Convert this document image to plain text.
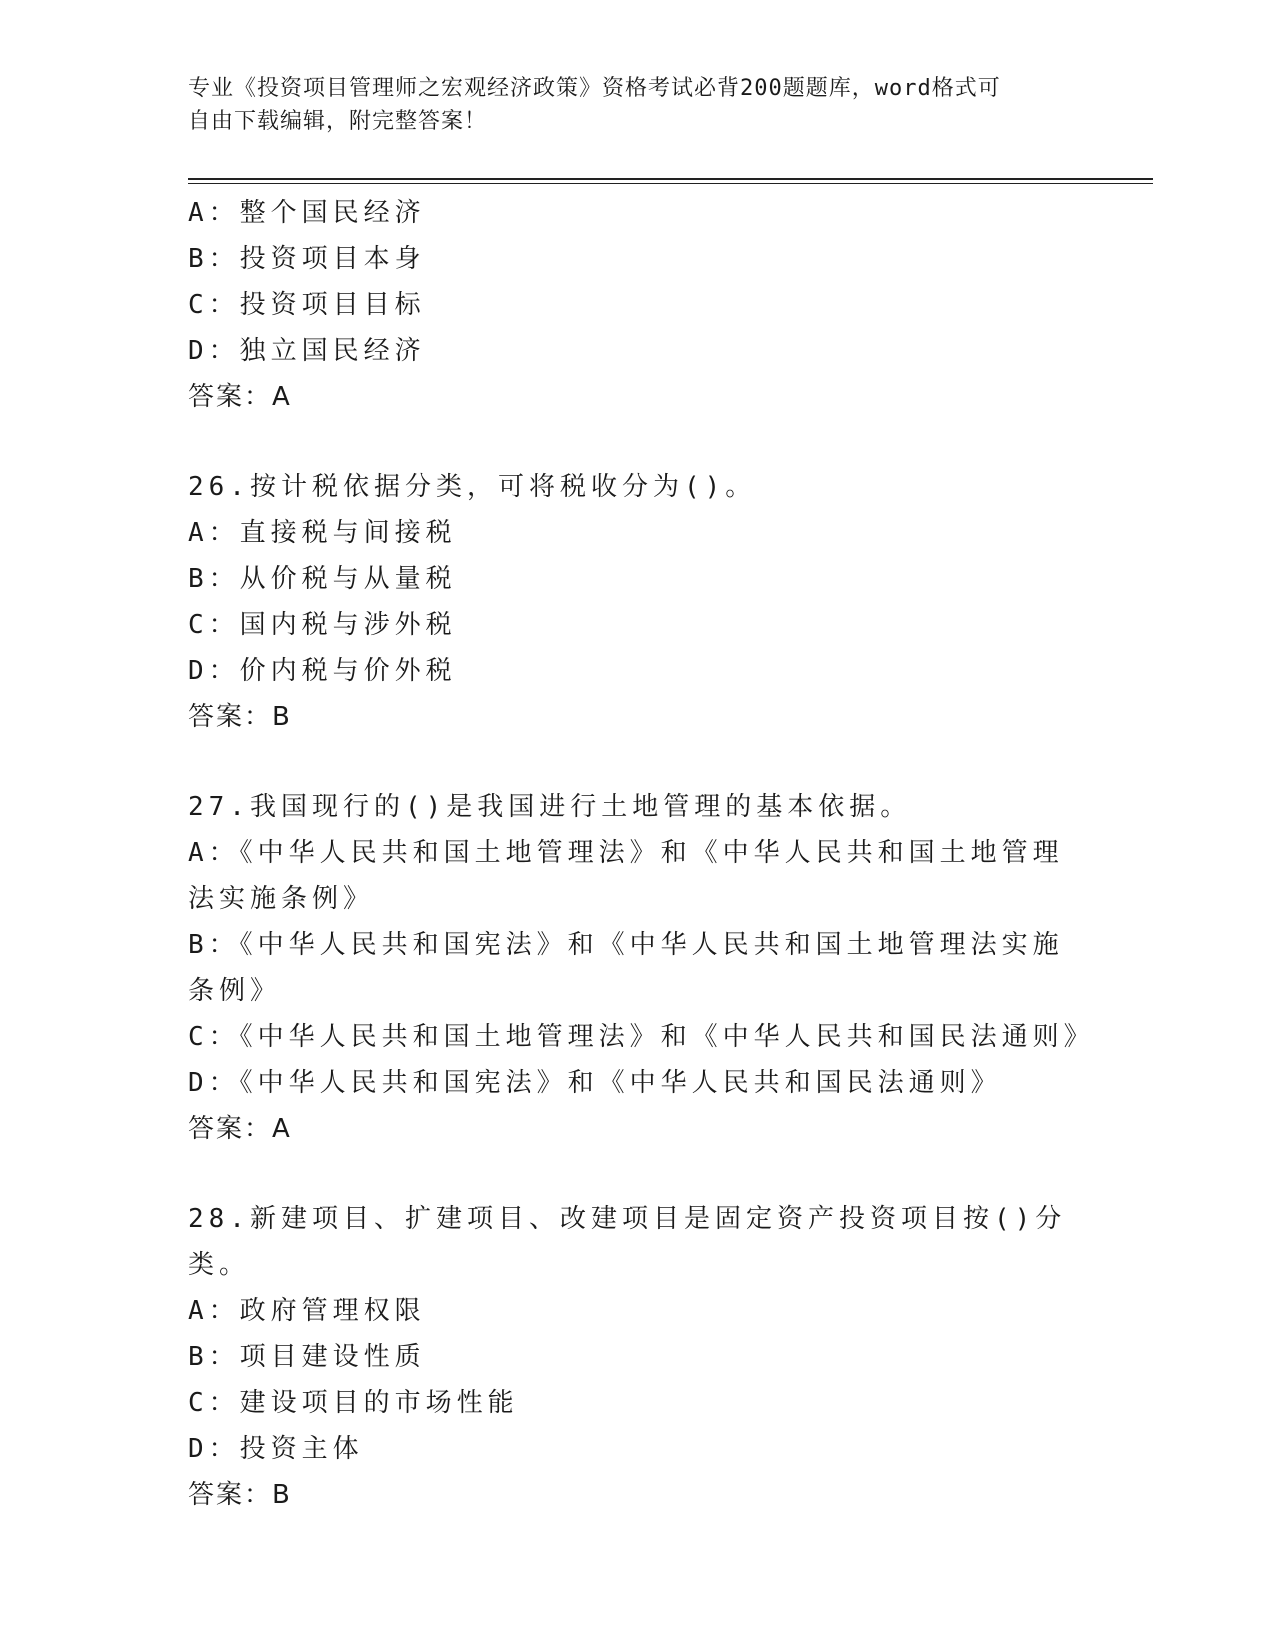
专业《投资项目管理师之宏观经济政策》资格考试必背200题题库，word格式可
自由下载编辑，附完整答案！
A：整个国民经济
B：投资项目本身
C：投资项目目标
D：独立国民经济
答案：A
26.按计税依据分类，可将税收分为()。
A：直接税与间接税
B：从价税与从量税
C：国内税与涉外税
D：价内税与价外税
答案：B
27.我国现行的()是我国进行土地管理的基本依据。
A：《中华人民共和国土地管理法》和《中华人民共和国土地管理法实施条例》
B：《中华人民共和国宪法》和《中华人民共和国土地管理法实施条例》
C：《中华人民共和国土地管理法》和《中华人民共和国民法通则》
D：《中华人民共和国宪法》和《中华人民共和国民法通则》
答案：A
28.新建项目、扩建项目、改建项目是固定资产投资项目按()分类。
A：政府管理权限
B：项目建设性质
C：建设项目的市场性能
D：投资主体
答案：B
